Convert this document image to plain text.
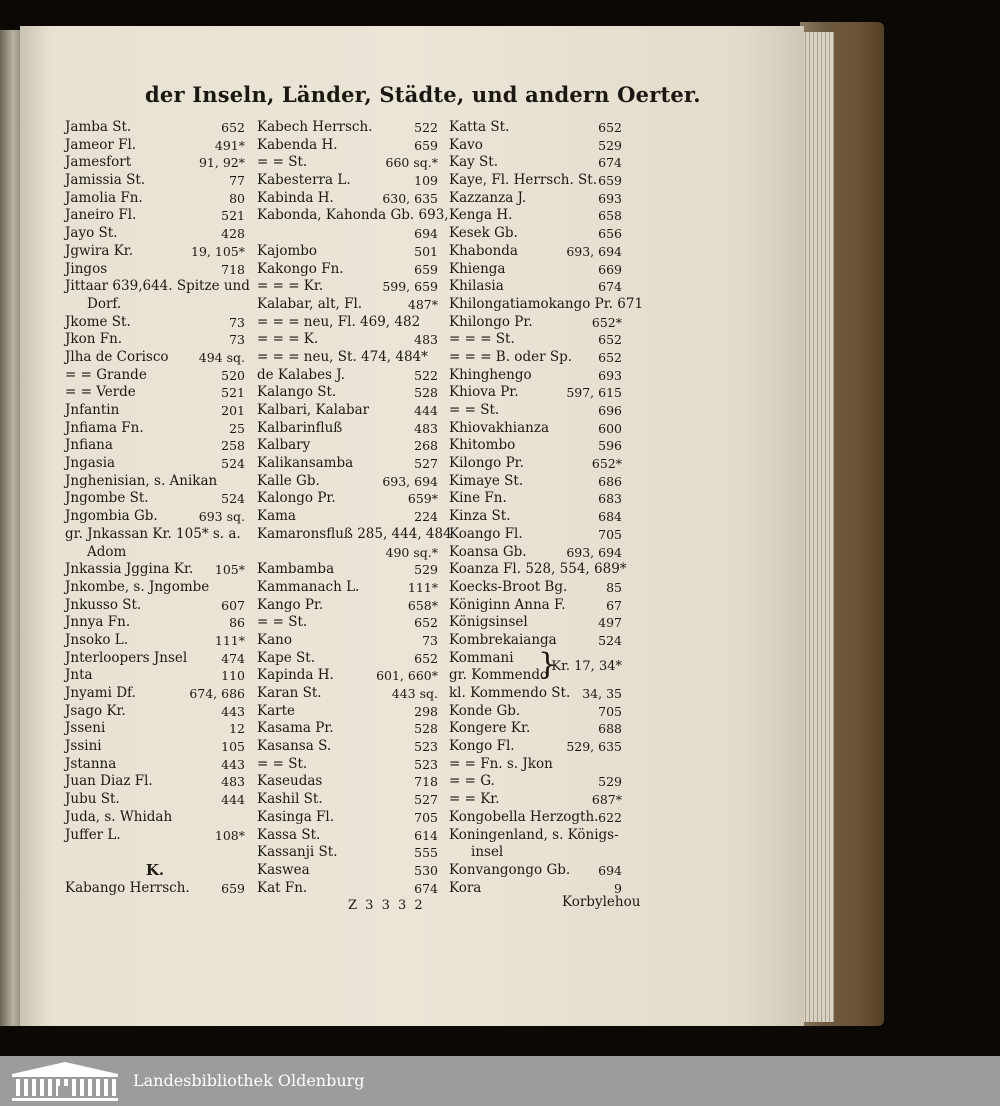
der Inseln, Länder, Städte, und andern Oerter.
Jamba St.	652
Jameor Fl.	491*
Jamesfort	91, 92*
Jamissia St.	77
Jamolia Fn.	80
Janeiro Fl.	521
Jayo St.	428
Jgwira Kr.	19, 105*
Jingos	718
Jittaar 639,644. Spitze und
Dorf.
Jkome St.	73
Jkon Fn.	73
Jlha de Corisco 494 sq.
= = Grande	520
= = Verde	521
Jnfantin	201
Jnfiama Fn.	25
Jnfiana	258
Jngasia	524
Jnghenisian, s. Anikan
Jngombe St.	524
Jngombia Gb.	693 sq.
gr. Jnkassan Kr. 105* s. a.
Adom
Jnkassia Jggina Kr. 105*
Jnkombe, s. Jngombe
Jnkusso St.	607
Jnnya Fn.	86
Jnsoko L.	111*
Jnterloopers Jnsel	474
Jnta	110
Jnyami Df.	674, 686
Jsago Kr.	443
Jsseni	12
Jssini	105
Jstanna	443
Juan Diaz Fl.	483
Jubu St.	444
Juda, s. Whidah
Juffer L.	108*
K.
Kabango Herrsch.	659
Kabech Herrsch.	522
Kabenda H.	659
= = St.	660 sq.*
Kabesterra L.	109
Kabinda H.	630, 635
Kabonda, Kahonda Gb. 693,
694
Kajombo	501
Kakongo Fn.	659
= = = Kr.	599, 659
Kalabar, alt, Fl.	487*
= = = neu, Fl. 469, 482
= = = K.	483
= = = neu, St. 474, 484*
de Kalabes J.	522
Kalango St.	528
Kalbari, Kalabar	444
Kalbarinfluß	483
Kalbary	268
Kalikansamba	527
Kalle Gb.	693, 694
Kalongo Pr.	659*
Kama	224
Kamaronsfluß 285, 444, 484
490 sq.*
Kambamba	529
Kammanach L.	111*
Kango Pr.	658*
= = St.	652
Kano	73
Kape St.	652
Kapinda H.	601, 660*
Karan St.	443 sq.
Karte	298
Kasama Pr.	528
Kasansa S.	523
= = St.	523
Kaseudas	718
Kashil St.	527
Kasinga Fl.	705
Kassa St.	614
Kassanji St.	555
Kaswea	530
Kat Fn.	674
Katta St.	652
Kavo	529
Kay St.	674
Kaye, Fl. Herrsch. St. 659
Kazzanza J.	693
Kenga H.	658
Kesek Gb.	656
Khabonda	693, 694
Khienga	669
Khilasia	674
Khilongatiamokango Pr. 671
Khilongo Pr.	652*
= = = St.	652
= = = B. oder Sp. 652
Khinghengo	693
Khiova Pr.	597, 615
= = St.	696
Khiovakhianza	600
Khitombo	596
Kilongo Pr.	652*
Kimaye St.	686
Kine Fn.	683
Kinza St.	684
Koango Fl.	705
Koansa Gb.	693, 694
Koanza Fl. 528, 554, 689*
Koecks-Broot Bg.	85
Königinn Anna F.	67
Königsinsel	497
Kombrekaianga	524
Kommani
gr. Kommendo
}
Kr. 17, 34*
kl. Kommendo St. 34, 35
Konde Gb.	705
Kongere Kr.	688
Kongo Fl.	529, 635
= = Fn. s. Jkon
= = G.	529
= = Kr.	687*
Kongobella Herzogth. 622
Koningenland, s. Königs-
insel
Konvangongo Gb. 694
Kora	9
Z 3 3 3 2	Korbylehou
Landesbibliothek Oldenburg
